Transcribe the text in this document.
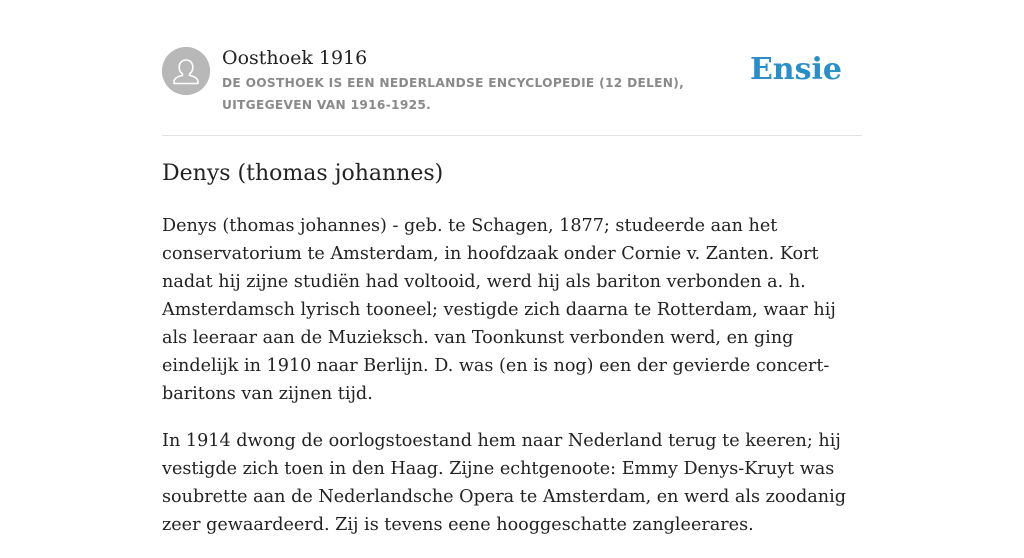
Oosthoek 1916
DE OOSTHOEK IS EEN NEDERLANDSE ENCYCLOPEDIE (12 DELEN), UITGEGEVEN VAN 1916-1925.
Ensie
Denys (thomas johannes)

Denys (thomas johannes) - geb. te Schagen, 1877; studeerde aan het conservatorium te Amsterdam, in hoofdzaak onder Cornie v. Zanten. Kort nadat hij zijne studiën had voltooid, werd hij als bariton verbonden a. h. Amsterdamsch lyrisch tooneel; vestigde zich daarna te Rotterdam, waar hij als leeraar aan de Muzieksch. van Toonkunst verbonden werd, en ging eindelijk in 1910 naar Berlijn. D. was (en is nog) een der gevierde concert-baritons van zijnen tijd.

In 1914 dwong de oorlogstoestand hem naar Nederland terug te keeren; hij vestigde zich toen in den Haag. Zijne echtgenoote: Emmy Denys-Kruyt was soubrette aan de Nederlandsche Opera te Amsterdam, en werd als zoodanig zeer gewaardeerd. Zij is tevens eene hooggeschatte zangleerares.
